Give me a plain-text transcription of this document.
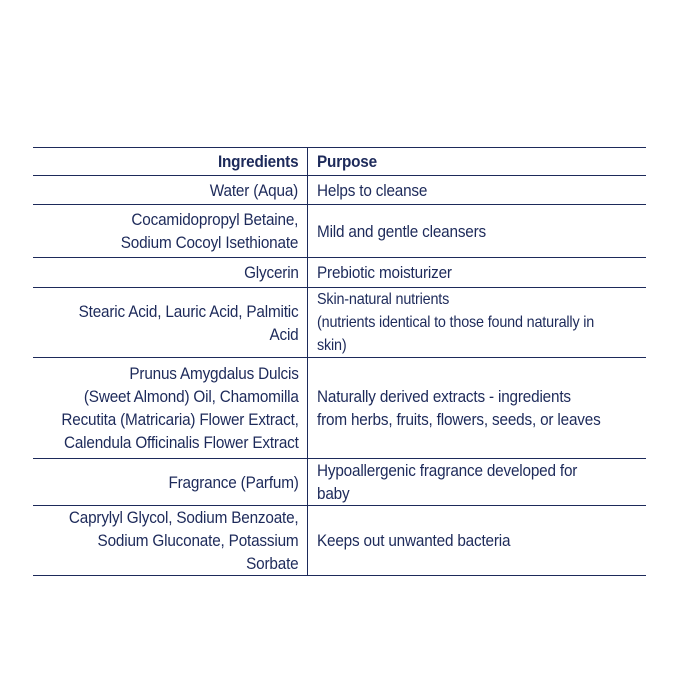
Ingredients	Purpose
Water (Aqua)	Helps to cleanse
Cocamidopropyl Betaine,
Sodium Cocoyl Isethionate	Mild and gentle cleansers
Glycerin	Prebiotic moisturizer
Stearic Acid, Lauric Acid, Palmitic Acid	Skin-natural nutrients
(nutrients identical to those found naturally in skin)
Prunus Amygdalus Dulcis
(Sweet Almond) Oil, Chamomilla
Recutita (Matricaria) Flower Extract,
Calendula Officinalis Flower Extract	Naturally derived extracts - ingredients
from herbs, fruits, flowers, seeds, or leaves
Fragrance (Parfum)	Hypoallergenic fragrance developed for baby
Caprylyl Glycol, Sodium Benzoate,
Sodium Gluconate, Potassium Sorbate	Keeps out unwanted bacteria
